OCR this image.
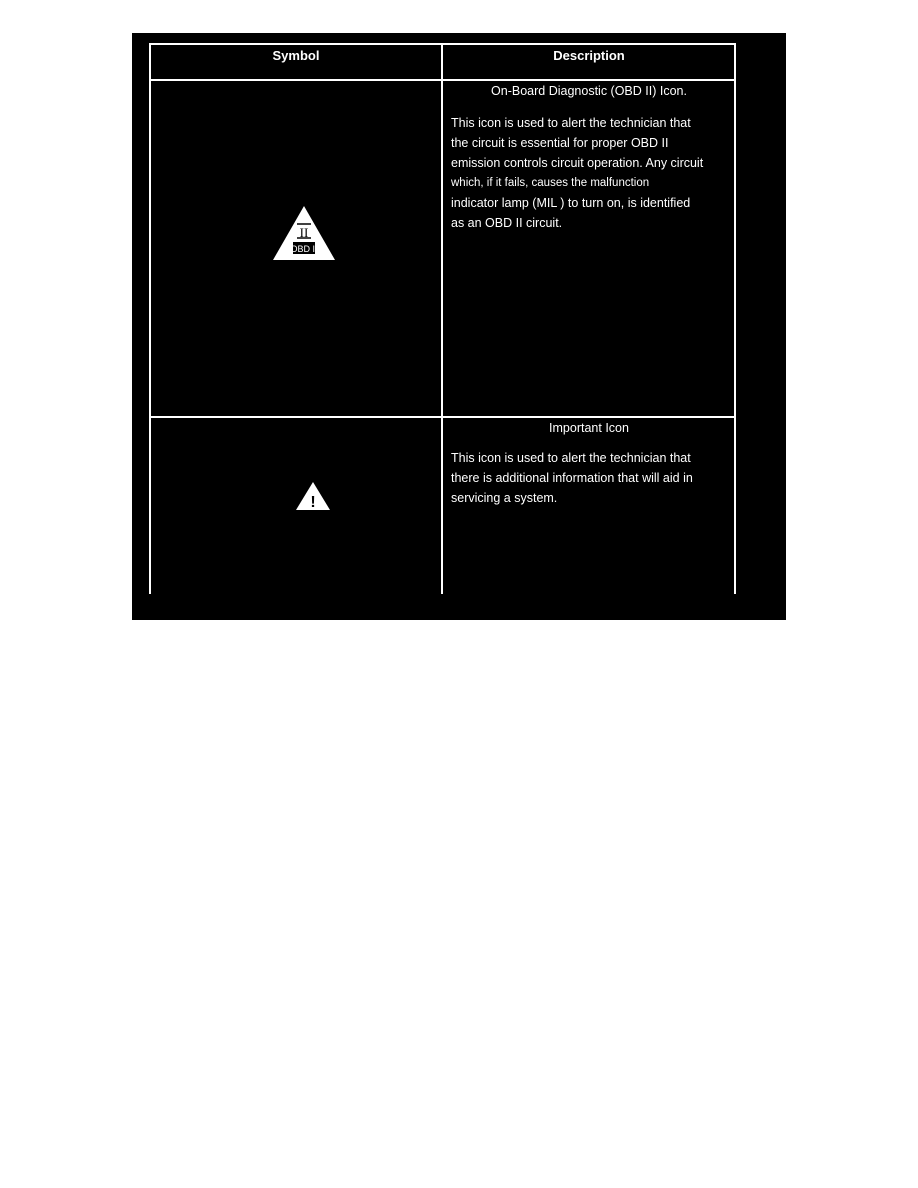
Symbol	Description
II
OBD II
On-Board Diagnostic (OBD II) Icon.
This icon is used to alert the technician that
the circuit is essential for proper OBD II
emission controls circuit operation. Any circuit
which, if it fails, causes the malfunction
indicator lamp (MIL ) to turn on, is identified
as an OBD II circuit.
!
Important Icon
This icon is used to alert the technician that
there is additional information that will aid in
servicing a system.
